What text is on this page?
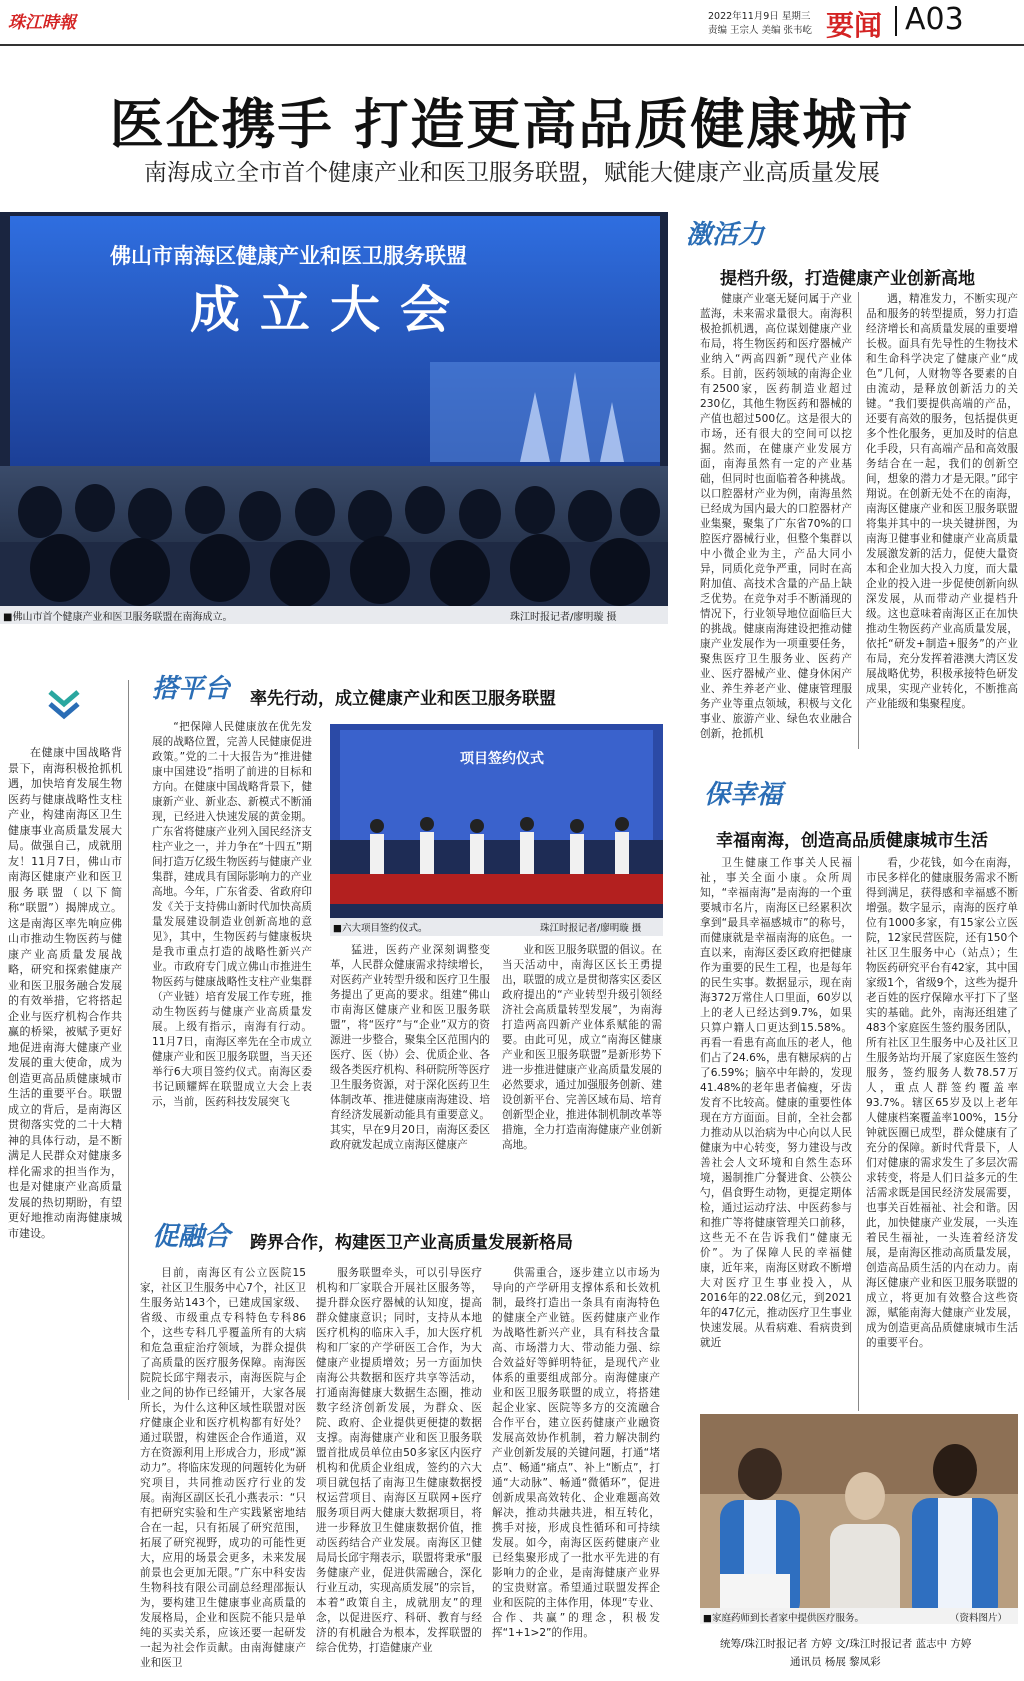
珠江時報	2022年11月9日 星期三
责编 王宗人 美编 张韦屹 要闻 A03
医企携手 打造更高品质健康城市
南海成立全市首个健康产业和医卫服务联盟，赋能大健康产业高质量发展
佛山市南海区健康产业和医卫服务联盟
成立大会
■佛山市首个健康产业和医卫服务联盟在南海成立。	珠江时报记者/廖明璇 摄
激活力
提档升级，打造健康产业创新高地

健康产业毫无疑问属于产业蓝海，未来需求量很大。南海积极抢抓机遇，高位谋划健康产业布局，将生物医药和医疗器械产业纳入“两高四新”现代产业体系。目前，医药领域的南海企业有2500家，医药制造业超过230亿，其他生物医药和器械的产值也超过500亿。这是很大的市场，还有很大的空间可以挖掘。然而，在健康产业发展方面，南海虽然有一定的产业基础，但同时也面临着各种挑战。以口腔器材产业为例，南海虽然已经成为国内最大的口腔器材产业集聚，聚集了广东省70%的口腔医疗器械行业，但整个集群以中小微企业为主，产品大同小异，同质化竞争严重，同时在高附加值、高技术含量的产品上缺乏优势。在竞争对手不断涌现的情况下，行业领导地位面临巨大的挑战。健康南海建设把推动健康产业发展作为一项重要任务，聚焦医疗卫生服务业、医药产业、医疗器械产业、健身休闲产业、养生养老产业、健康管理服务产业等重点领域，积极与文化事业、旅游产业、绿色农业融合创新，抢抓机

遇，精准发力，不断实现产品和服务的转型提质，努力打造经济增长和高质量发展的重要增长极。面具有先导性的生物技术和生命科学决定了健康产业“成色”几何，人财物等各要素的自由流动，是释放创新活力的关键。“我们要提供高端的产品，还要有高效的服务，包括提供更多个性化服务，更加及时的信息化手段，只有高端产品和高效服务结合在一起，我们的创新空间，想象的潜力才是无限。”邱宇翔说。在创新无处不在的南海，南海区健康产业和医卫服务联盟将集并其中的一块关键拼图，为南海卫健事业和健康产业高质量发展激发新的活力，促使大量资本和企业加大投入力度，而大量企业的投入进一步促使创新向纵深发展，从而带动产业提档升级。这也意味着南海区正在加快推动生物医药产业高质量发展，依托“研发+制造+服务”的产业布局，充分发挥着港澳大湾区发展战略优势，积极承接特色研发成果，实现产业转化，不断推高产业能级和集聚程度。

在健康中国战略背景下，南海积极抢抓机遇，加快培育发展生物医药与健康战略性支柱产业，构建南海区卫生健康事业高质量发展大局。做强自己，成就朋友！11月7日，佛山市南海区健康产业和医卫服务联盟（以下简称“联盟”）揭牌成立。这是南海区率先响应佛山市推动生物医药与健康产业高质量发展战略，研究和探索健康产业和医卫服务融合发展的有效举措，它将搭起企业与医疗机构合作共赢的桥梁，被赋予更好地促进南海大健康产业发展的重大使命，成为创造更高品质健康城市生活的重要平台。联盟成立的背后，是南海区贯彻落实党的二十大精神的具体行动，是不断满足人民群众对健康多样化需求的担当作为，也是对健康产业高质量发展的热切期盼，有望更好地推动南海健康城市建设。

搭平台 率先行动，成立健康产业和医卫服务联盟

“把保障人民健康放在优先发展的战略位置，完善人民健康促进政策。”党的二十大报告为“推进健康中国建设”指明了前进的目标和方向。在健康中国战略背景下，健康新产业、新业态、新模式不断涌现，已经进入快速发展的黄金期。广东省将健康产业列入国民经济支柱产业之一，并力争在“十四五”期间打造万亿级生物医药与健康产业集群，建成具有国际影响力的产业高地。今年，广东省委、省政府印发《关于支持佛山新时代加快高质量发展建设制造业创新高地的意见》，其中，生物医药与健康板块是我市重点打造的战略性新兴产业。市政府专门成立佛山市推进生物医药与健康战略性支柱产业集群（产业链）培育发展工作专班，推动生物医药与健康产业高质量发展。上级有指示，南海有行动。11月7日，南海区率先在全市成立健康产业和医卫服务联盟，当天还举行6大项目签约仪式。南海区委书记顾耀辉在联盟成立大会上表示，当前，医药科技发展突飞

项目签约仪式
■六大项目签约仪式。	珠江时报记者/廖明璇 摄

猛进，医药产业深刻调整变革，人民群众健康需求持续增长，对医药产业转型升级和医疗卫生服务提出了更高的要求。组建“佛山市南海区健康产业和医卫服务联盟”，将“医疗”与“企业”双方的资源进一步整合，聚集全区范围内的医疗、医（协）会、优质企业、各级各类医疗机构、科研院所等医疗卫生服务资源，对于深化医药卫生体制改革、推进健康南海建设、培育经济发展新动能具有重要意义。其实，早在9月20日，南海区委区政府就发起成立南海区健康产

业和医卫服务联盟的倡议。在当天活动中，南海区区长王勇提出，联盟的成立是贯彻落实区委区政府提出的“产业转型升级引领经济社会高质量转型发展”，为南海打造两高四新产业体系赋能的需要。由此可见，成立“南海区健康产业和医卫服务联盟”是新形势下进一步推进健康产业高质量发展的必然要求，通过加强服务创新、建设创新平台、完善区域布局、培育创新型企业，推进体制机制改革等措施，全力打造南海健康产业创新高地。

促融合 跨界合作，构建医卫产业高质量发展新格局

目前，南海区有公立医院15家，社区卫生服务中心7个，社区卫生服务站143个，已建成国家级、省级、市级重点专科特色专科86个，这些专科几乎覆盖所有的大病和危急重症治疗领域，为群众提供了高质量的医疗服务保障。南海医院院长邱宇翔表示，南海医院与企业之间的协作已经铺开，大家各展所长，为什么这种区域性联盟对医疗健康企业和医疗机构都有好处？通过联盟，构建医企合作通道，双方在资源利用上形成合力，形成“源动力”。将临床发现的问题转化为研究项目，共同推动医疗行业的发展。南海区副区长孔小燕表示：“只有把研究实验和生产实践紧密地结合在一起，只有拓展了研究范围，拓展了研究视野，成功的可能性更大，应用的场景会更多，未来发展前景也会更加无限。”广东中科安齿生物科技有限公司副总经理邵振认为，要构建卫生健康事业高质量的发展格局，企业和医院不能只是单纯的买卖关系，应该还要一起研发一起为社会作贡献。由南海健康产业和医卫

服务联盟牵头，可以引导医疗机构和厂家联合开展社区服务等，提升群众医疗器械的认知度，提高群众健康意识；同时，支持从本地医疗机构的临床入手，加大医疗机构和厂家的产学研医工合作，为大健康产业提质增效；另一方面加快南海公共数据和医疗共享等活动，打通南海健康大数据生态圈，推动数字经济创新发展，为群众、医院、政府、企业提供更便捷的数据支撑。南海健康产业和医卫服务联盟首批成员单位由50多家区内医疗机构和优质企业组成，签约的六大项目就包括了南海卫生健康数据授权运营项目、南海区互联网+医疗服务项目两大健康大数据项目，将进一步释放卫生健康数据价值，推动医药结合产业发展。南海区卫健局局长邱宇翔表示，联盟将秉承“服务健康产业，促进供需融合，深化行业互动，实现高质发展”的宗旨，本着“政策自主，成就朋友”的理念，以促进医疗、科研、教育与经济的有机融合为根本，发挥联盟的综合优势，打造健康产业

供需重合，逐步建立以市场为导向的产学研用支撑体系和长效机制，最终打造出一条具有南海特色的健康全产业链。医药健康产业作为战略性新兴产业，具有科技含量高、市场潜力大、带动能力强、综合效益好等鲜明特征，是现代产业体系的重要组成部分。南海健康产业和医卫服务联盟的成立，将搭建起企业家、医院等多方的交流融合合作平台，建立医药健康产业融资发展高效协作机制，着力解决制约产业创新发展的关键问题，打通“堵点”、畅通“痛点”、补上“断点”，打通“大动脉”、畅通“微循环”，促进创新成果高效转化、企业难题高效解决，推动共融共进，相互转化，携手对接，形成良性循环和可持续发展。如今，南海区医药健康产业已经集聚形成了一批水平先进的有影响力的企业，是南海健康产业界的宝贵财富。希望通过联盟发挥企业和医院的主体作用，体现“专业、合作、共赢”的理念，积极发挥“1+1>2”的作用。

保幸福
幸福南海，创造高品质健康城市生活

卫生健康工作事关人民福祉，事关全面小康。众所周知，“幸福南海”是南海的一个重要城市名片，南海区已经累积次拿到“最具幸福感城市”的称号，而健康就是幸福南海的底色。一直以来，南海区委区政府把健康作为重要的民生工程，也是每年的民生实事。数据显示，现在南海372万常住人口里面，60岁以上的老人已经达到9.7%，如果只算户籍人口更达到15.58%。再看一看患有高血压的老人，他们占了24.6%，患有糖尿病的占了6.59%；脑卒中年龄的，发现41.48%的老年患者偏瘦，牙齿发育不比较高。健康的重要性体现在方方面面。目前，全社会都力推动从以治病为中心向以人民健康为中心转变，努力建设与改善社会人文环境和自然生态环境，遏制推广分餐进食、公筷公勺，倡食野生动物，更提定期体检，通过运动疗法、中医药参与和推广等将健康管理关口前移，这些无不在告诉我们“健康无价”。为了保障人民的幸福健康，近年来，南海区财政不断增大对医疗卫生事业投入，从2016年的22.08亿元，到2021年的47亿元，推动医疗卫生事业快速发展。从看病难、看病贵到就近

看，少花钱，如今在南海，市民多样化的健康服务需求不断得到满足，获得感和幸福感不断增强。数字显示，南海的医疗单位有1000多家，有15家公立医院，12家民营医院，还有150个社区卫生服务中心（站点）；生物医药研究平台有42家，其中国家级1个，省级9个，这些为提升老百姓的医疗保障水平打下了坚实的基础。此外，南海还组建了483个家庭医生签约服务团队，所有社区卫生服务中心及社区卫生服务站均开展了家庭医生签约服务，签约服务人数78.57万人，重点人群签约覆盖率93.7%。辖区65岁及以上老年人健康档案覆盖率100%，15分钟就医圈已成型，群众健康有了充分的保障。新时代背景下，人们对健康的需求发生了多层次需求转变，将是人们日益多元的生活需求既是国民经济发展需要，也事关百姓福祉、社会和谐。因此，加快健康产业发展，一头连着民生福祉，一头连着经济发展，是南海区推动高质量发展，创造高品质生活的内在动力。南海区健康产业和医卫服务联盟的成立，将更加有效整合这些资源，赋能南海大健康产业发展，成为创造更高品质健康城市生活的重要平台。

■家庭药师到长者家中提供医疗服务。	（资料图片）
统筹/珠江时报记者 方婷 文/珠江时报记者 蓝志中 方婷
通讯员 杨展 黎凤彩
